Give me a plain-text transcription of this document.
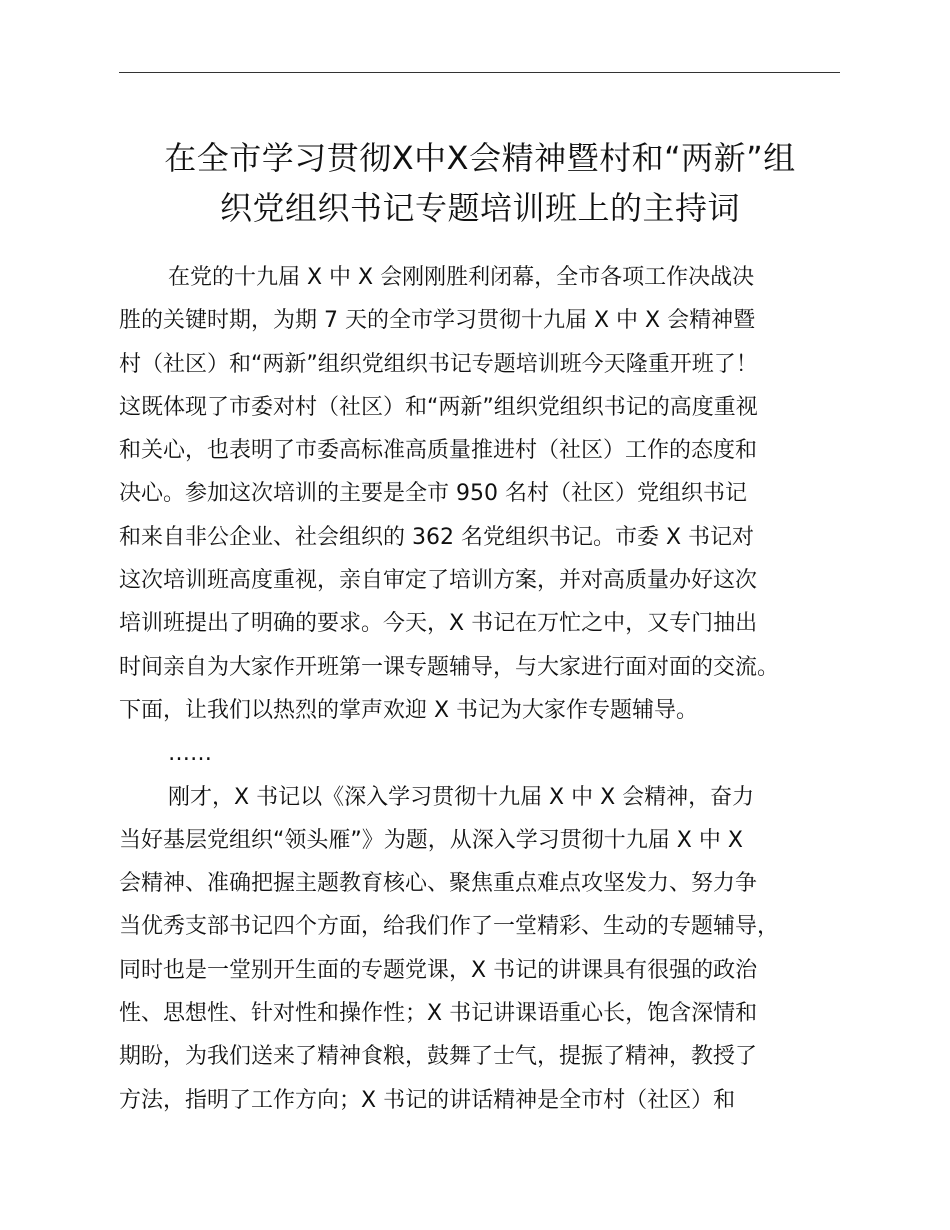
在全市学习贯彻X中X会精神暨村和“两新”组
织党组织书记专题培训班上的主持词
在党的十九届 X 中 X 会刚刚胜利闭幕，全市各项工作决战决
胜的关键时期，为期 7 天的全市学习贯彻十九届 X 中 X 会精神暨
村（社区）和“两新”组织党组织书记专题培训班今天隆重开班了！
这既体现了市委对村（社区）和“两新”组织党组织书记的高度重视
和关心，也表明了市委高标准高质量推进村（社区）工作的态度和
决心。参加这次培训的主要是全市 950 名村（社区）党组织书记
和来自非公企业、社会组织的 362 名党组织书记。市委 X 书记对
这次培训班高度重视，亲自审定了培训方案，并对高质量办好这次
培训班提出了明确的要求。今天，X 书记在万忙之中，又专门抽出
时间亲自为大家作开班第一课专题辅导，与大家进行面对面的交流。
下面，让我们以热烈的掌声欢迎 X 书记为大家作专题辅导。
……
刚才，X 书记以《深入学习贯彻十九届 X 中 X 会精神，奋力
当好基层党组织“领头雁”》为题，从深入学习贯彻十九届 X 中 X
会精神、准确把握主题教育核心、聚焦重点难点攻坚发力、努力争
当优秀支部书记四个方面，给我们作了一堂精彩、生动的专题辅导，
同时也是一堂别开生面的专题党课，X 书记的讲课具有很强的政治
性、思想性、针对性和操作性；X 书记讲课语重心长，饱含深情和
期盼，为我们送来了精神食粮，鼓舞了士气，提振了精神，教授了
方法，指明了工作方向；X 书记的讲话精神是全市村（社区）和
